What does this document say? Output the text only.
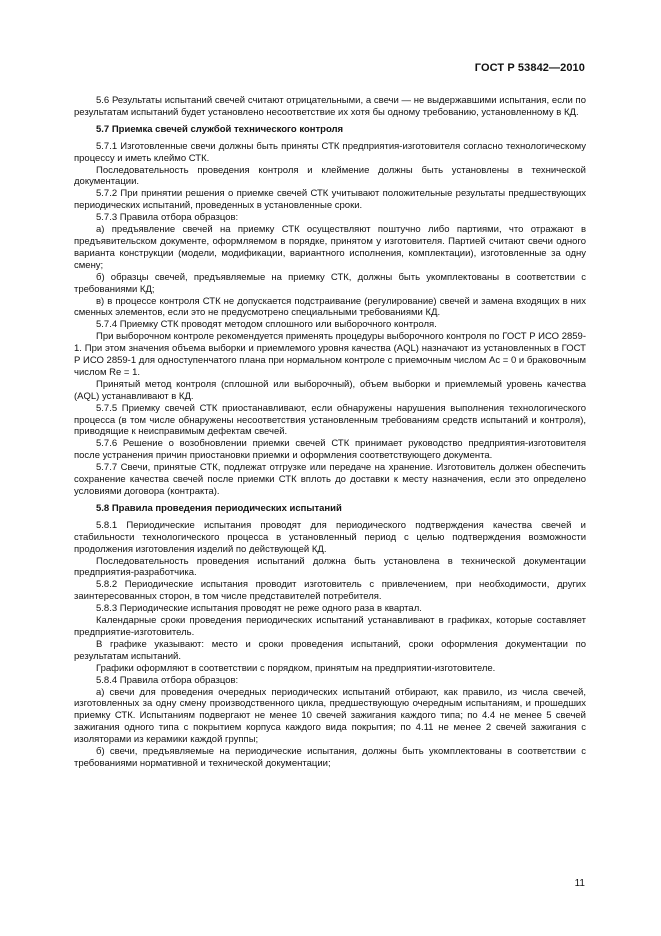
ГОСТ Р 53842—2010

5.6 Результаты испытаний свечей считают отрицательными, а свечи — не выдержавшими испытания, если по результатам испытаний будет установлено несоответствие их хотя бы одному требованию, установленному в КД.

5.7 Приемка свечей службой технического контроля

5.7.1 Изготовленные свечи должны быть приняты СТК предприятия-изготовителя согласно технологическому процессу и иметь клеймо СТК.

Последовательность проведения контроля и клеймение должны быть установлены в технической документации.

5.7.2 При принятии решения о приемке свечей СТК учитывают положительные результаты предшествующих периодических испытаний, проведенных в установленные сроки.

5.7.3 Правила отбора образцов:

а) предъявление свечей на приемку СТК осуществляют поштучно либо партиями, что отражают в предъявительском документе, оформляемом в порядке, принятом у изготовителя. Партией считают свечи одного варианта конструкции (модели, модификации, вариантного исполнения, комплектации), изготовленные за одну смену;

б) образцы свечей, предъявляемые на приемку СТК, должны быть укомплектованы в соответствии с требованиями КД;

в) в процессе контроля СТК не допускается подстраивание (регулирование) свечей и замена входящих в них сменных элементов, если это не предусмотрено специальными требованиями КД.

5.7.4 Приемку СТК проводят методом сплошного или выборочного контроля.

При выборочном контроле рекомендуется применять процедуры выборочного контроля по ГОСТ Р ИСО 2859-1. При этом значения объема выборки и приемлемого уровня качества (AQL) назначают из установленных в ГОСТ Р ИСО 2859-1 для одноступенчатого плана при нормальном контроле с приемочным числом Ac = 0 и браковочным числом Re = 1.

Принятый метод контроля (сплошной или выборочный), объем выборки и приемлемый уровень качества (AQL) устанавливают в КД.

5.7.5 Приемку свечей СТК приостанавливают, если обнаружены нарушения выполнения технологического процесса (в том числе обнаружены несоответствия установленным требованиям средств испытаний и контроля), приводящие к неисправимым дефектам свечей.

5.7.6 Решение о возобновлении приемки свечей СТК принимает руководство предприятия-изготовителя после устранения причин приостановки приемки и оформления соответствующего документа.

5.7.7 Свечи, принятые СТК, подлежат отгрузке или передаче на хранение. Изготовитель должен обеспечить сохранение качества свечей после приемки СТК вплоть до доставки к месту назначения, если это определено условиями договора (контракта).

5.8 Правила проведения периодических испытаний

5.8.1 Периодические испытания проводят для периодического подтверждения качества свечей и стабильности технологического процесса в установленный период с целью подтверждения возможности продолжения изготовления изделий по действующей КД.

Последовательность проведения испытаний должна быть установлена в технической документации предприятия-разработчика.

5.8.2 Периодические испытания проводит изготовитель с привлечением, при необходимости, других заинтересованных сторон, в том числе представителей потребителя.

5.8.3 Периодические испытания проводят не реже одного раза в квартал.

Календарные сроки проведения периодических испытаний устанавливают в графиках, которые составляет предприятие-изготовитель.

В графике указывают: место и сроки проведения испытаний, сроки оформления документации по результатам испытаний.

Графики оформляют в соответствии с порядком, принятым на предприятии-изготовителе.

5.8.4 Правила отбора образцов:

а) свечи для проведения очередных периодических испытаний отбирают, как правило, из числа свечей, изготовленных за одну смену производственного цикла, предшествующую очередным испытаниям, и прошедших приемку СТК. Испытаниям подвергают не менее 10 свечей зажигания каждого типа; по 4.4 не менее 5 свечей зажигания одного типа с покрытием корпуса каждого вида покрытия; по 4.11 не менее 2 свечей зажигания с изоляторами из керамики каждой группы;

б) свечи, предъявляемые на периодические испытания, должны быть укомплектованы в соответствии с требованиями нормативной и технической документации;

11
